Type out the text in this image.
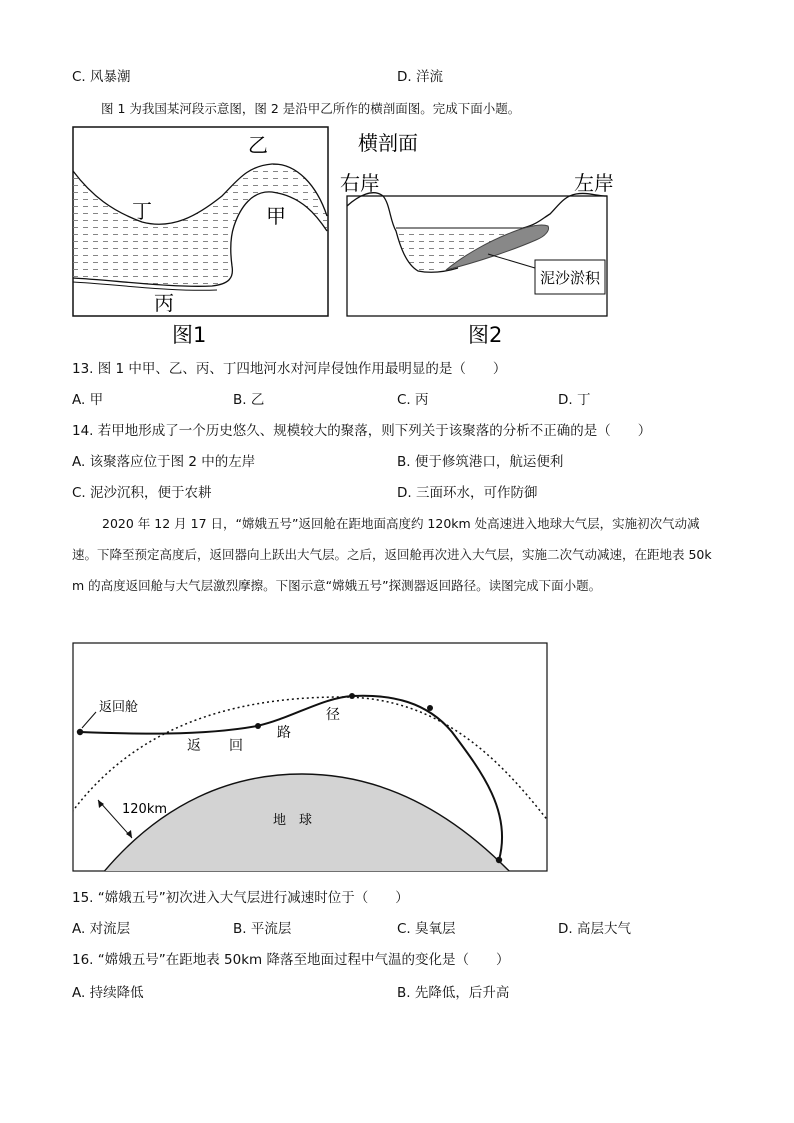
C. 风暴潮	D. 洋流
图 1 为我国某河段示意图，图 2 是沿甲乙所作的横剖面图。完成下面小题。
乙
丁	甲
丙
图1
横剖面
右岸	左岸
泥沙淤积
图2
13. 图 1 中甲、乙、丙、丁四地河水对河岸侵蚀作用最明显的是（　　）
A. 甲	B. 乙	C. 丙	D. 丁
14. 若甲地形成了一个历史悠久、规模较大的聚落，则下列关于该聚落的分析不正确的是（　　）
A. 该聚落应位于图 2 中的左岸	B. 便于修筑港口，航运便利
C. 泥沙沉积，便于农耕	D. 三面环水，可作防御
2020 年 12 月 17 日，“嫦娥五号”返回舱在距地面高度约 120km 处高速进入地球大气层，实施初次气动减速。下降至预定高度后，返回器向上跃出大气层。之后，返回舱再次进入大气层，实施二次气动减速，在距地表 50km 的高度返回舱与大气层激烈摩擦。下图示意“嫦娥五号”探测器返回路径。读图完成下面小题。
返回舱
返 回
路
径
120km
地　球
15. “嫦娥五号”初次进入大气层进行减速时位于（　　）
A. 对流层	B. 平流层	C. 臭氧层	D. 高层大气
16. “嫦娥五号”在距地表 50km 降落至地面过程中气温的变化是（　　）
A. 持续降低	B. 先降低，后升高
